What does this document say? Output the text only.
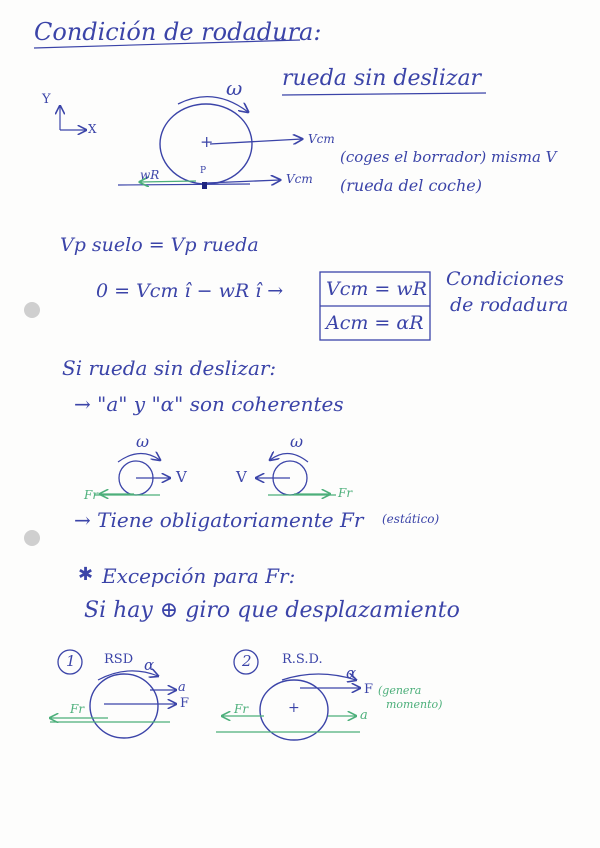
Condición de rodadura:
rueda sin deslizar
Y
X
ω
+	Vcm
wR	P
Vcm
(coges el borrador) misma V
(rueda del coche)
Vp suelo = Vp rueda
0 = Vcm î − wR î → Vcm = wR
Acm = αR
Condiciones
de rodadura
Si rueda sin deslizar:
→ "a" y "α" son coherentes
ω
V
Fr
ω
V
Fr
→ Tiene obligatoriamente Fr (estático)
✱ Excepción para Fr:
Si hay ⊕ giro que desplazamiento
1 RSD α
a
F
Fr
2 R.S.D.
α
F (genera
momento)
+
Fr	a
